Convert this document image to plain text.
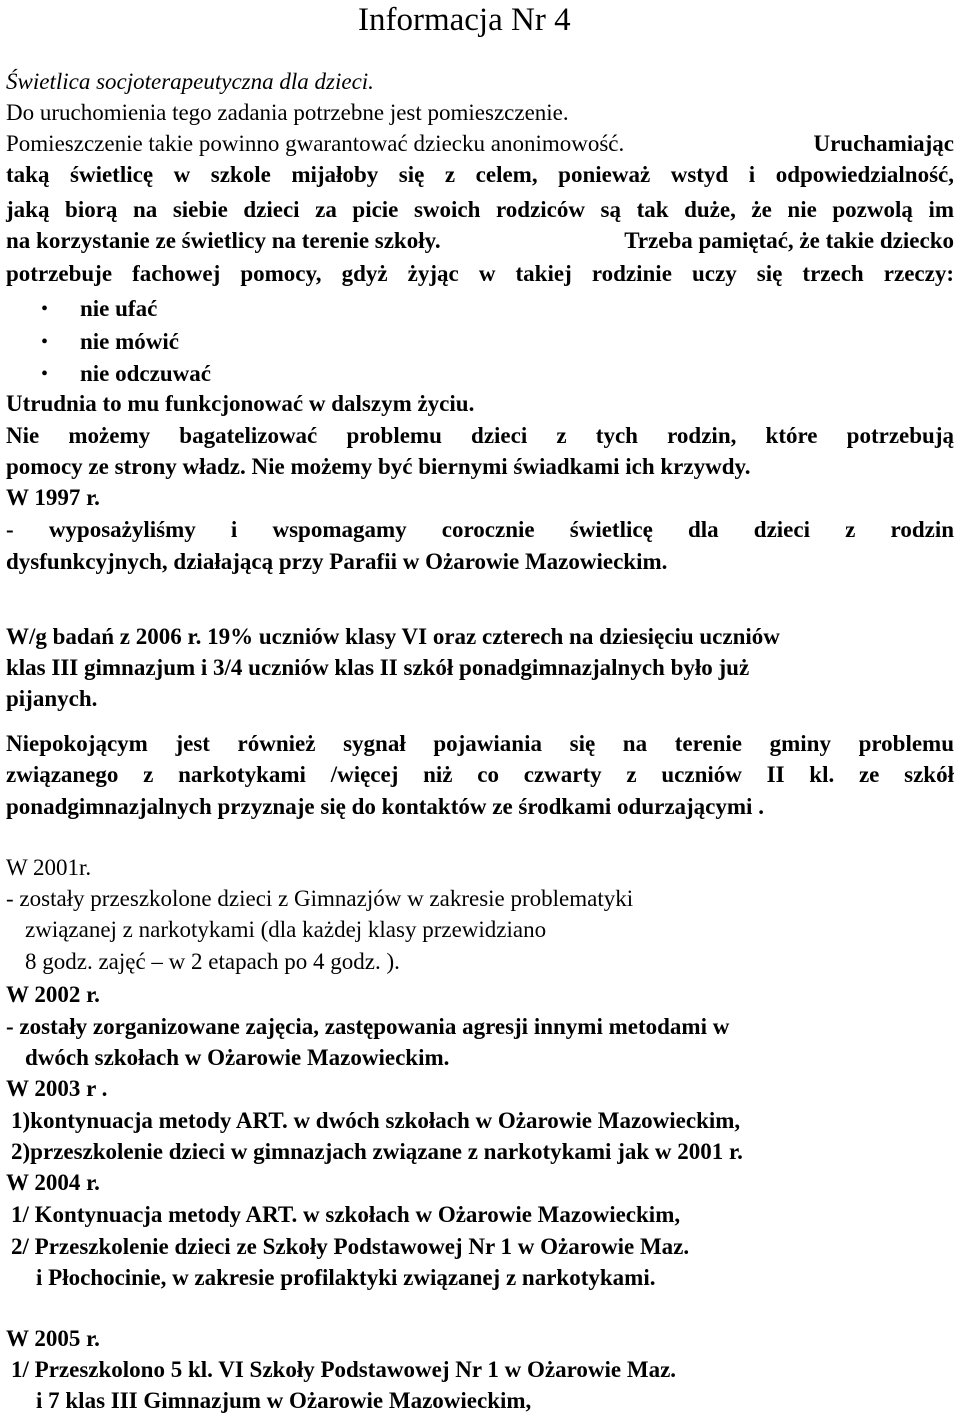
Informacja Nr 4
Świetlica socjoterapeutyczna dla dzieci.
Do uruchomienia tego zadania potrzebne jest pomieszczenie.
Pomieszczenie takie powinno gwarantować dziecku anonimowość.	Uruchamiając
taką świetlicę w szkole mijałoby się z celem, ponieważ wstyd i odpowiedzialność,
jaką biorą na siebie dzieci za picie swoich rodziców są tak duże, że nie pozwolą im
na korzystanie ze świetlicy na terenie szkoły.	Trzeba pamiętać, że takie dziecko
potrzebuje fachowej pomocy, gdyż żyjąc w takiej rodzinie uczy się trzech rzeczy:
• nie ufać
• nie mówić
• nie odczuwać
Utrudnia to mu funkcjonować w dalszym życiu.
Nie możemy bagatelizować problemu dzieci z tych rodzin, które potrzebują
pomocy ze strony władz. Nie możemy być biernymi świadkami ich krzywdy.
W 1997 r.
- wyposażyliśmy i wspomagamy corocznie świetlicę dla dzieci z rodzin
dysfunkcyjnych, działającą przy Parafii w Ożarowie Mazowieckim.
W/g badań z 2006 r. 19% uczniów klasy VI oraz czterech na dziesięciu uczniów
klas III gimnazjum i 3/4 uczniów klas II szkół ponadgimnazjalnych było już
pijanych.
Niepokojącym jest również sygnał pojawiania się na terenie gminy problemu
związanego z narkotykami /więcej niż co czwarty z uczniów II kl. ze szkół
ponadgimnazjalnych przyznaje się do kontaktów ze środkami odurzającymi .
W 2001r.
- zostały przeszkolone dzieci z Gimnazjów w zakresie problematyki
związanej z narkotykami (dla każdej klasy przewidziano
8 godz. zajęć – w 2 etapach po 4 godz. ).
W 2002 r.
- zostały zorganizowane zajęcia, zastępowania agresji innymi metodami w
dwóch szkołach w Ożarowie Mazowieckim.
W 2003 r .
1)kontynuacja metody ART. w dwóch szkołach w Ożarowie Mazowieckim,
2)przeszkolenie dzieci w gimnazjach związane z narkotykami jak w 2001 r.
W 2004 r.
1/ Kontynuacja metody ART. w szkołach w Ożarowie Mazowieckim,
2/ Przeszkolenie dzieci ze Szkoły Podstawowej Nr 1 w Ożarowie Maz.
i Płochocinie, w zakresie profilaktyki związanej z narkotykami.
W 2005 r.
1/ Przeszkolono 5 kl. VI Szkoły Podstawowej Nr 1 w Ożarowie Maz.
i 7 klas III Gimnazjum w Ożarowie Mazowieckim,
